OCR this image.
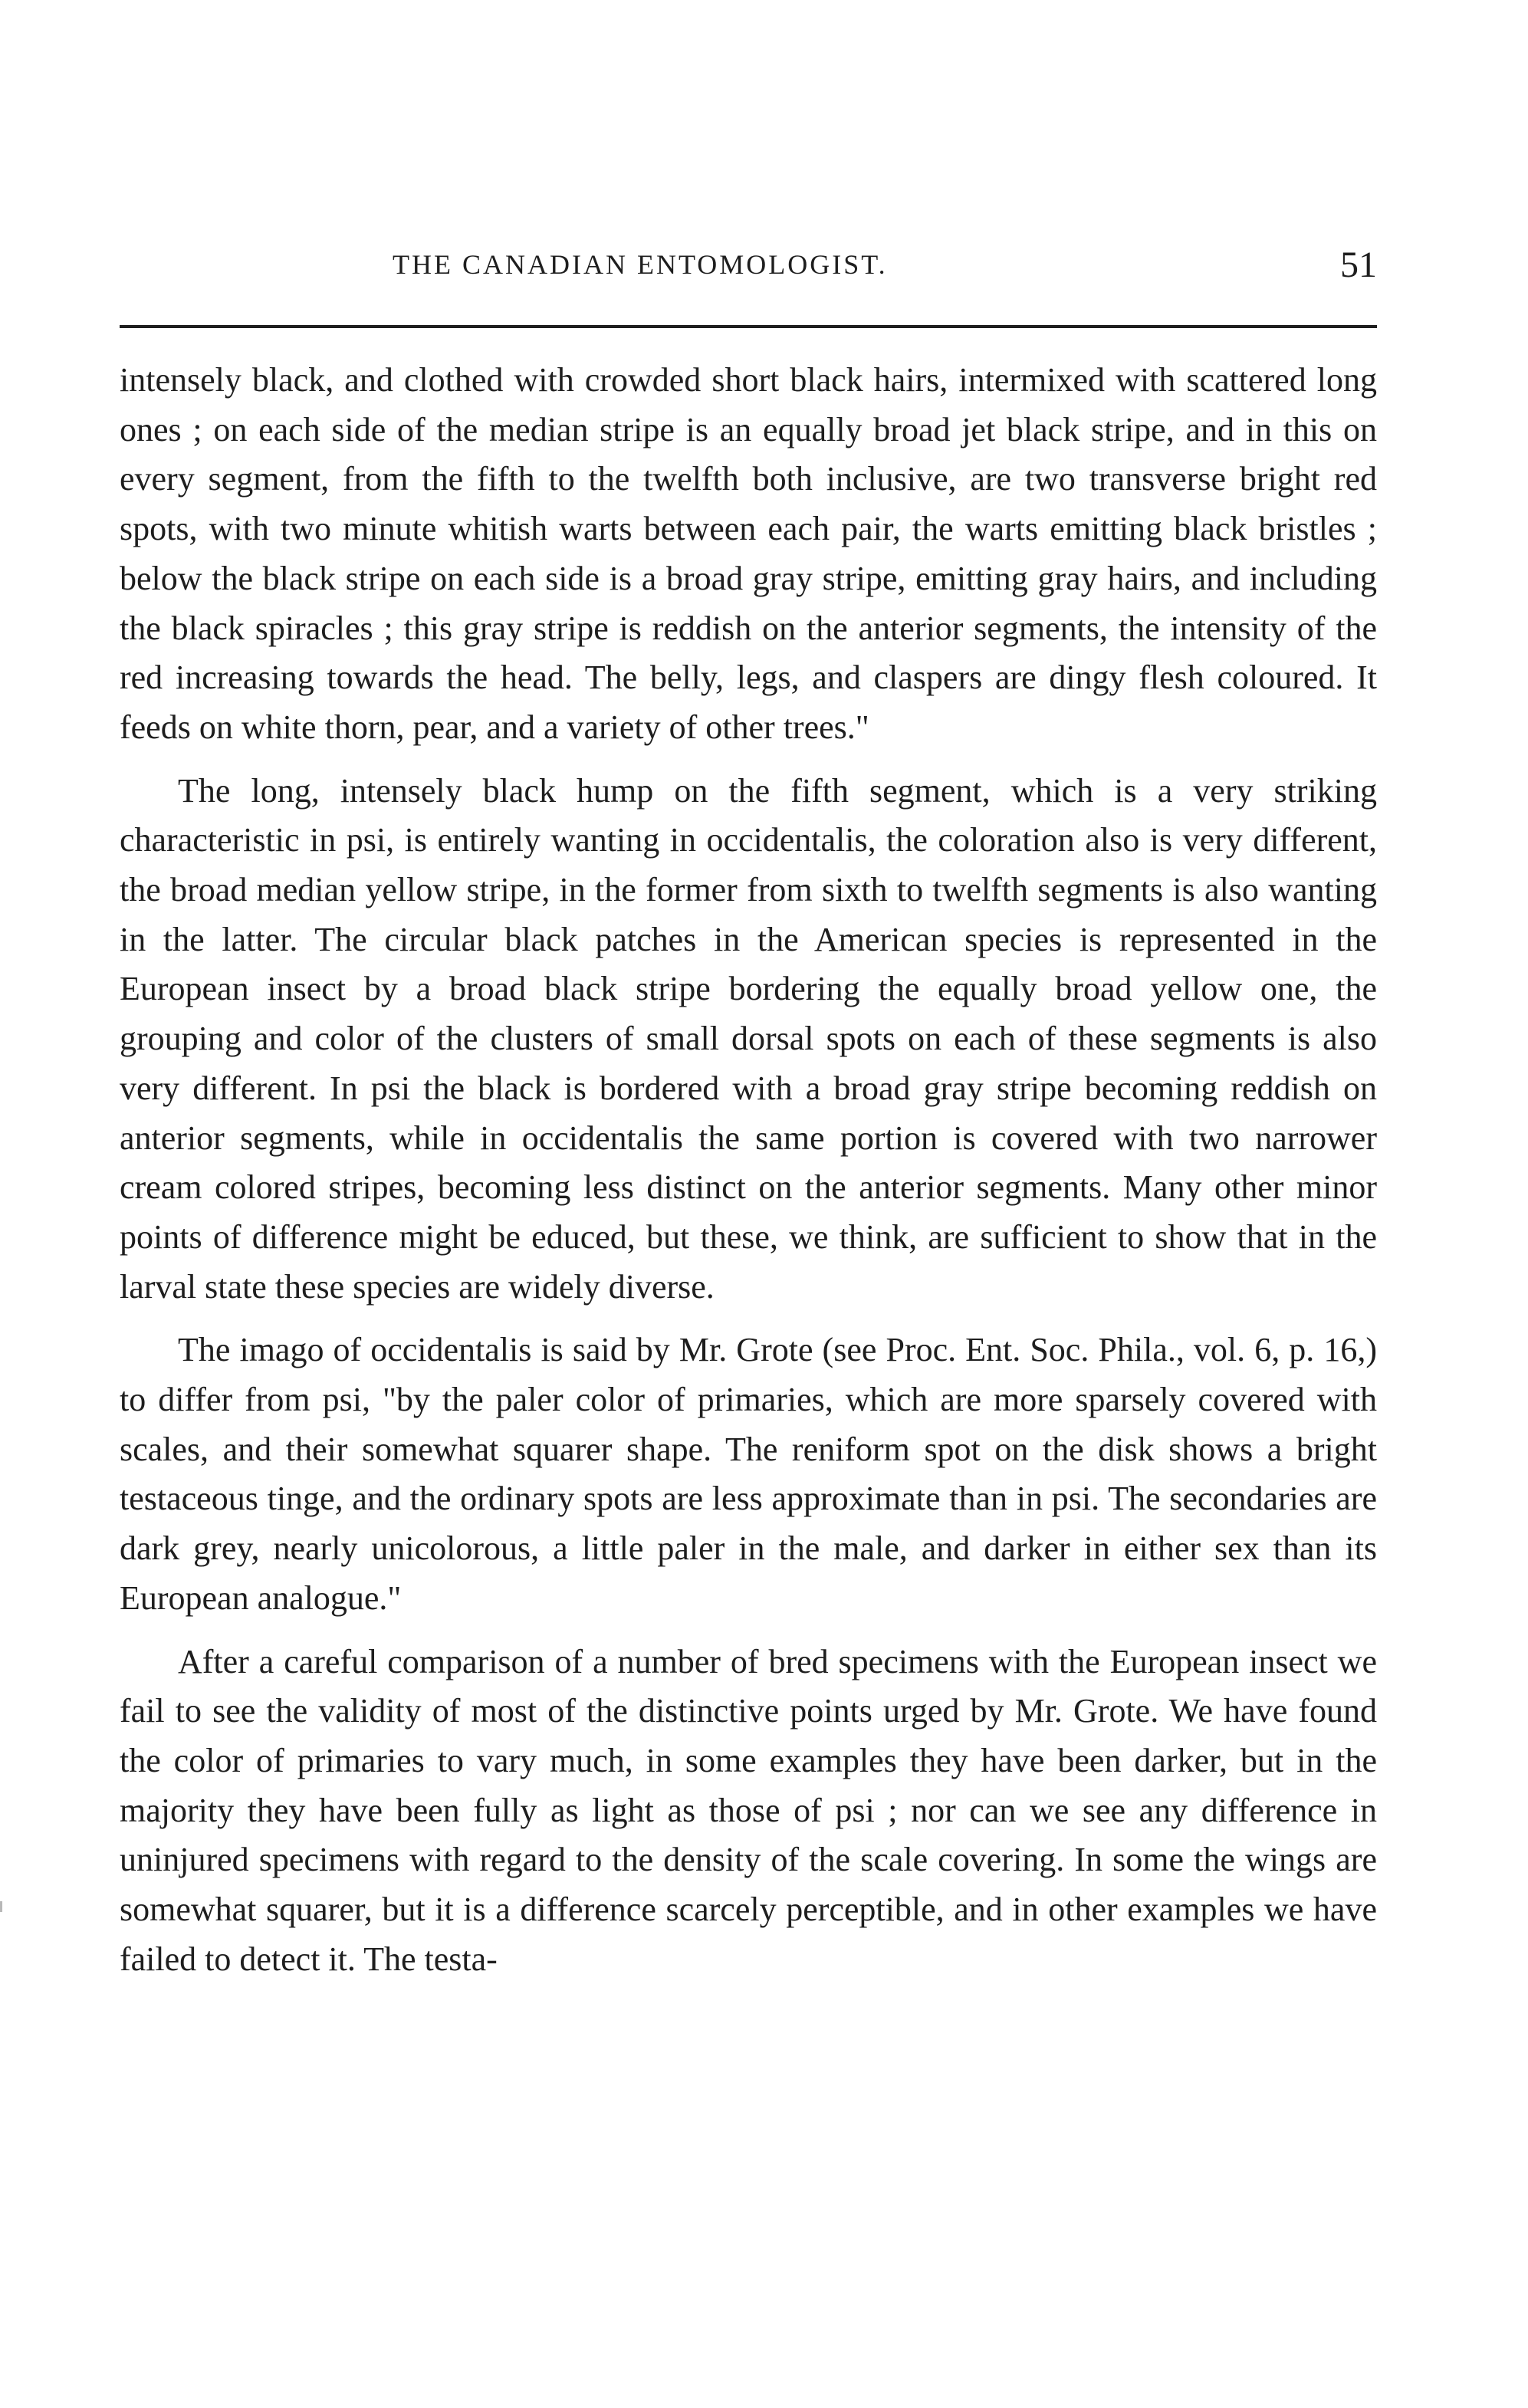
THE CANADIAN ENTOMOLOGIST.	51

intensely black, and clothed with crowded short black hairs, intermixed with scattered long ones ; on each side of the median stripe is an equally broad jet black stripe, and in this on every segment, from the fifth to the twelfth both inclusive, are two transverse bright red spots, with two minute whitish warts between each pair, the warts emitting black bristles ; below the black stripe on each side is a broad gray stripe, emitting gray hairs, and including the black spiracles ; this gray stripe is reddish on the anterior segments, the intensity of the red increasing towards the head. The belly, legs, and claspers are dingy flesh coloured. It feeds on white thorn, pear, and a variety of other trees."

The long, intensely black hump on the fifth segment, which is a very striking characteristic in psi, is entirely wanting in occidentalis, the coloration also is very different, the broad median yellow stripe, in the former from sixth to twelfth segments is also wanting in the latter. The circular black patches in the American species is represented in the European insect by a broad black stripe bordering the equally broad yellow one, the grouping and color of the clusters of small dorsal spots on each of these segments is also very different. In psi the black is bordered with a broad gray stripe becoming reddish on anterior segments, while in occidentalis the same portion is covered with two narrower cream colored stripes, becoming less distinct on the anterior segments. Many other minor points of difference might be educed, but these, we think, are sufficient to show that in the larval state these species are widely diverse.

The imago of occidentalis is said by Mr. Grote (see Proc. Ent. Soc. Phila., vol. 6, p. 16,) to differ from psi, "by the paler color of primaries, which are more sparsely covered with scales, and their somewhat squarer shape. The reniform spot on the disk shows a bright testaceous tinge, and the ordinary spots are less approximate than in psi. The secondaries are dark grey, nearly unicolorous, a little paler in the male, and darker in either sex than its European analogue."

After a careful comparison of a number of bred specimens with the European insect we fail to see the validity of most of the distinctive points urged by Mr. Grote. We have found the color of primaries to vary much, in some examples they have been darker, but in the majority they have been fully as light as those of psi ; nor can we see any difference in uninjured specimens with regard to the density of the scale covering. In some the wings are somewhat squarer, but it is a difference scarcely perceptible, and in other examples we have failed to detect it. The testa-
